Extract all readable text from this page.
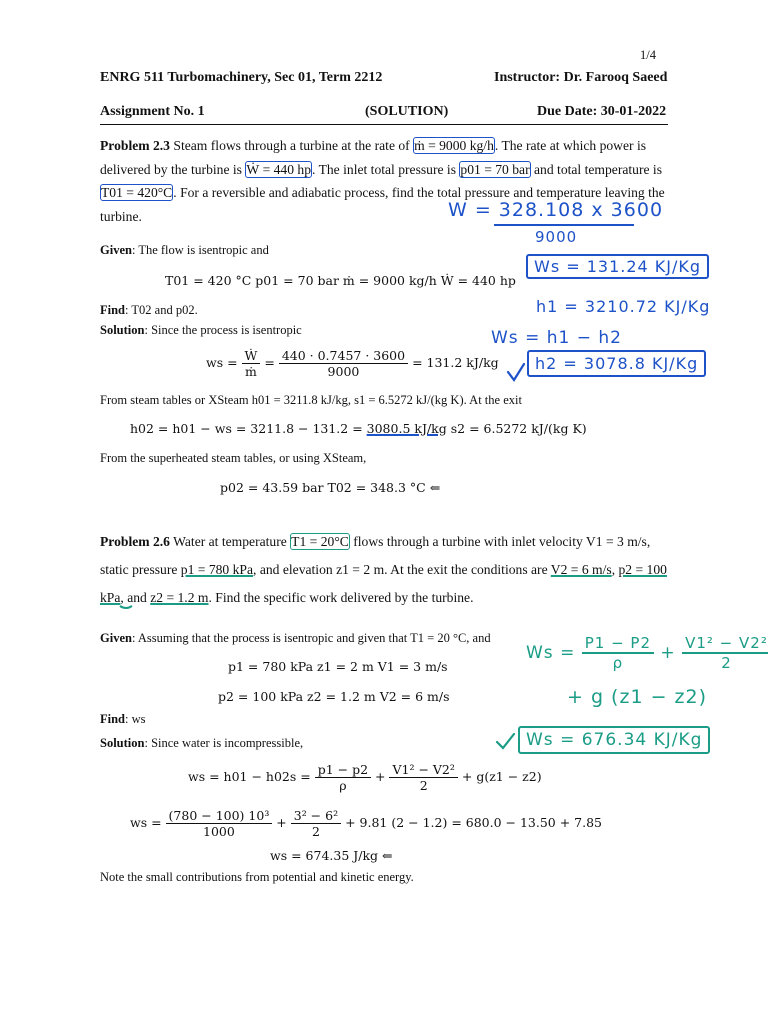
1/4
ENRG 511 Turbomachinery, Sec 01, Term 2212	Instructor: Dr. Farooq Saeed
Assignment No. 1	(SOLUTION)	Due Date: 30-01-2022
Problem 2.3 Steam flows through a turbine at the rate of ṁ = 9000 kg/h. The rate at which power is delivered by the turbine is Ẇ = 440 hp. The inlet total pressure is p01 = 70 bar and total temperature is T01 = 420°C. For a reversible and adiabatic process, find the total pressure and temperature leaving the turbine.
Given: The flow is isentropic and
T01 = 420 °C p01 = 70 bar ṁ = 9000 kg/h Ẇ = 440 hp
Find: T02 and p02.
Solution: Since the process is isentropic
ws = $\frac{\text{Ẇ}}{\text{ṁ}} = \frac{440 \cdot 0.7457 \cdot 3600}{9000} = 131.2$ kJ/kg
From steam tables or XSteam h01 = 3211.8 kJ/kg, s1 = 6.5272 kJ/(kg K). At the exit
h02 = h01 − ws = 3211.8 − 131.2 = 3080.5 kJ/kg s2 = 6.5272 kJ/(kg K)
From the superheated steam tables, or using XSteam,
p02 = 43.59 bar T02 = 348.3 °C ⇐
Problem 2.6 Water at temperature T1 = 20°C flows through a turbine with inlet velocity V1 = 3 m/s, static pressure p1 = 780 kPa, and elevation z1 = 2 m. At the exit the conditions are V2 = 6 m/s, p2 = 100 kPa, and z2 = 1.2 m. Find the specific work delivered by the turbine.
Given: Assuming that the process is isentropic and given that T1 = 20 °C, and
p1 = 780 kPa z1 = 2 m V1 = 3 m/s
p2 = 100 kPa z2 = 1.2 m V2 = 6 m/s
Find: ws
Solution: Since water is incompressible,
ws = $h01 - h02s = \frac{p1 - p2}{\rho} + \frac{\text{V1² − V2²}}{2} + g(z1 - z2)$
ws = $\frac{\text{(780 − 100) 10³}}{1000} + \frac{\text{3² − 6²}}{2} + 9.81$ (2 − 1.2) = 680.0 − 13.50 + 7.85
ws = 674.35 J/kg ⇐
Note the small contributions from potential and kinetic energy.
W = 328.108 x 3600
9000
Ws = 131.24 KJ/Kg
h1 = 3210.72 KJ/Kg
Ws = h1 − h2
h2 = 3078.8 KJ/Kg
$Ws = \frac{P1 - P2}{\rho} + \frac{\text{V1² − V2²}}{2}$
+ g (z1 − z2)
Ws = 676.34 KJ/Kg
